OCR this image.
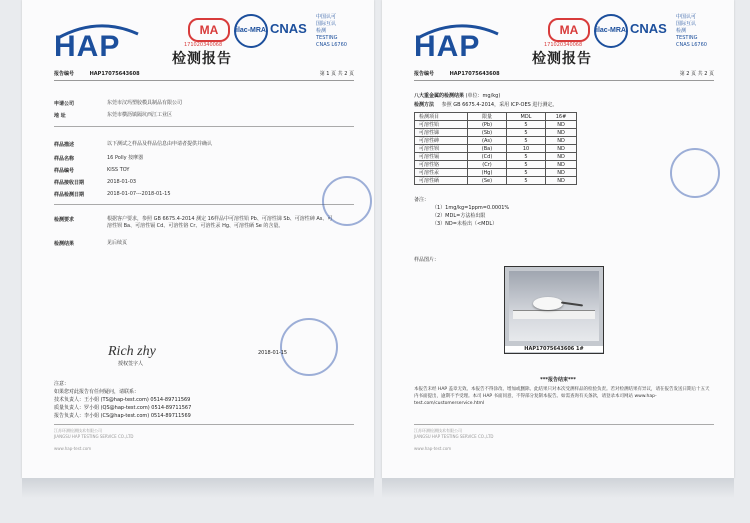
HAP	MA	ilac-MRA CNAS
中国认可
国际互认
检测
TESTING
CNAS L6760
171020340068
检测报告
报告编号	HAP17075643608	第 1 页 共 2 页
申请公司	东莞市汉玛塑胶模具制品有限公司
地 址	东莞市横沥镇隔坑西江工业区
样品描述	以下测试之样品及样品信息由申请者提供并确认
样品名称	16 Polly 按摩器
样品编号	KISS TOY
样品接收日期	2018-01-03
样品检测日期	2018-01-07---2018-01-15
检测要求	根据客户要求，参照 GB 6675.4-2014 测定 16样品中可溶性铅 Pb、可溶性锑 Sb、可溶性砷 As、可溶性钡 Ba、可溶性镉 Cd、可溶性铬 Cr、可溶性汞 Hg、可溶性硒 Se 的含量。
检测结果	见后续页
Rich zhy
授权签字人
2018-01-15
注意：
如果您对此报告有任何疑问，请联系：
技术负责人：王小姐 (TS@hap-test.com) 0514-89711569
质量负责人：罗小姐 (QS@hap-test.com) 0514-89711567
报告负责人：李小姐 (CS@hap-test.com) 0514-89711569
江苏环测检测技术有限公司
JIANGSU HAP TESTING SERVICE CO.,LTD
www.hap-test.com
HAP	MA	ilac-MRA CNAS
中国认可
国际互认
检测
TESTING
CNAS L6760
171020340068
检测报告
报告编号	HAP17075643608	第 2 页 共 2 页
八大重金属的检测结果 (单位：mg/kg)
检测方法 参照 GB 6675.4-2014，采用 ICP-OES 进行测定。
检测项目	限量	MDL	16#
可溶性铅	(Pb)	5	ND
可溶性锑	(Sb)	5	ND
可溶性砷	(As)	5	ND
可溶性钡	(Ba)	10	ND
可溶性镉	(Cd)	5	ND
可溶性铬	(Cr)	5	ND
可溶性汞	(Hg)	5	ND
可溶性硒	(Se)	5	ND
备注：
（1）1mg/kg=1ppm=0.0001%
（2）MDL=方法检出限
（3）ND=未检出（<MDL）
样品图片：
HAP17075643606 1#
***报告结束***
本报告未经 HAP 盖章无效。本报告不得涂改、增加或删除。此结果只对本次受测样品的检验负责。若对检测结果有异议，请在报告发送日期后十五天内书面提出，逾期不予受理。本司 HAP 书面同意，不得部分复制本报告。如需查询有关条款，请登录本司网站 www.hap-test.com/customerservice.html
江苏环测检测技术有限公司
JIANGSU HAP TESTING SERVICE CO.,LTD
www.hap-test.com
